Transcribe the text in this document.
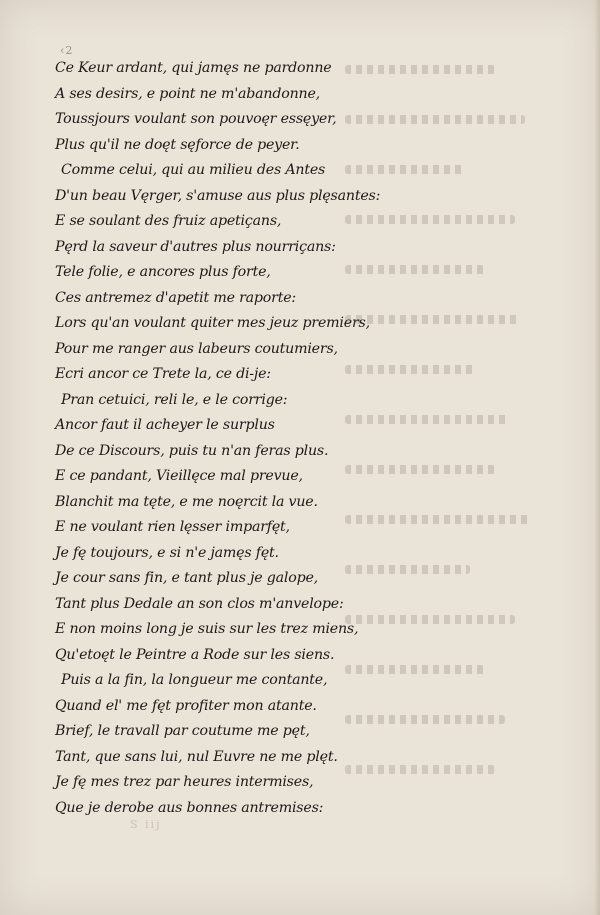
‹2
Ce Keur ardant, qui jamęs ne pardonne
A ses desirs, e point ne m'abandonne,
Toussjours voulant son pouvoęr essęyer,
Plus qu'il ne doęt sęforce de peyer.
Comme celui, qui au milieu des Antes
D'un beau Vęrger, s'amuse aus plus plęsantes:
E se soulant des fruiz apetiçans,
Pęrd la saveur d'autres plus nourriçans:
Tele folie, e ancores plus forte,
Ces antremez d'apetit me raporte:
Lors qu'an voulant quiter mes jeuz premiers,
Pour me ranger aus labeurs coutumiers,
Ecri ancor ce Trete la, ce di-je:
Pran cetuici, reli le, e le corrige:
Ancor faut il acheyer le surplus
De ce Discours, puis tu n'an feras plus.
E ce pandant, Vieillęce mal prevue,
Blanchit ma tęte, e me noęrcit la vue.
E ne voulant rien lęsser imparfęt,
Je fę toujours, e si n'e jamęs fęt.
Je cour sans fin, e tant plus je galope,
Tant plus Dedale an son clos m'anvelope:
E non moins long je suis sur les trez miens,
Qu'etoęt le Peintre a Rode sur les siens.
Puis a la fin, la longueur me contante,
Quand el' me fęt profiter mon atante.
Brief, le travall par coutume me pęt,
Tant, que sans lui, nul Euvre ne me plęt.
Je fę mes trez par heures intermises,
Que je derobe aus bonnes antremises:
S iij
